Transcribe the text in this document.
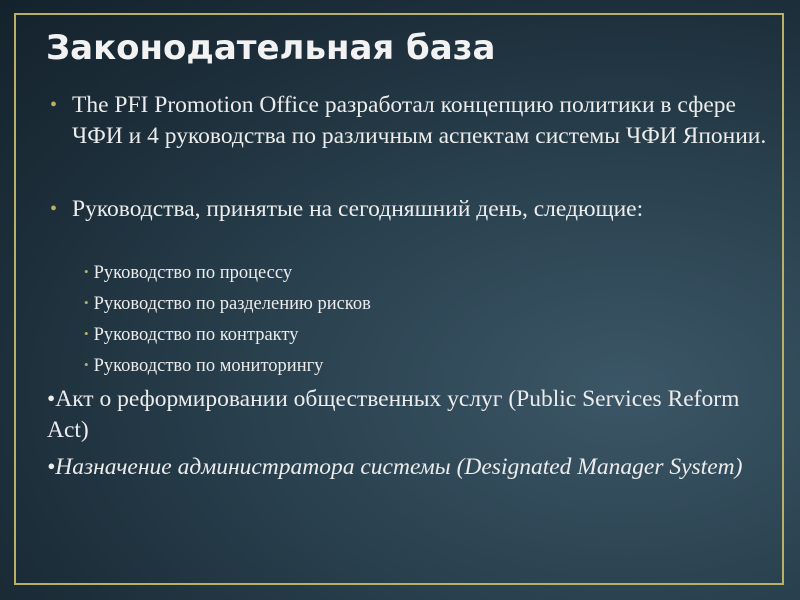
Законодательная база
• The PFI Promotion Office разработал концепцию политики в сфере ЧФИ и 4 руководства по различным аспектам системы ЧФИ Японии.
• Руководства, принятые на сегодняшний день, следющие:
• Руководство по процессу
• Руководство по разделению рисков
• Руководство по контракту
• Руководство по мониторингу
•Акт о реформировании общественных услуг (Public Services Reform Act)
•Назначение администратора системы (Designated Manager System)
